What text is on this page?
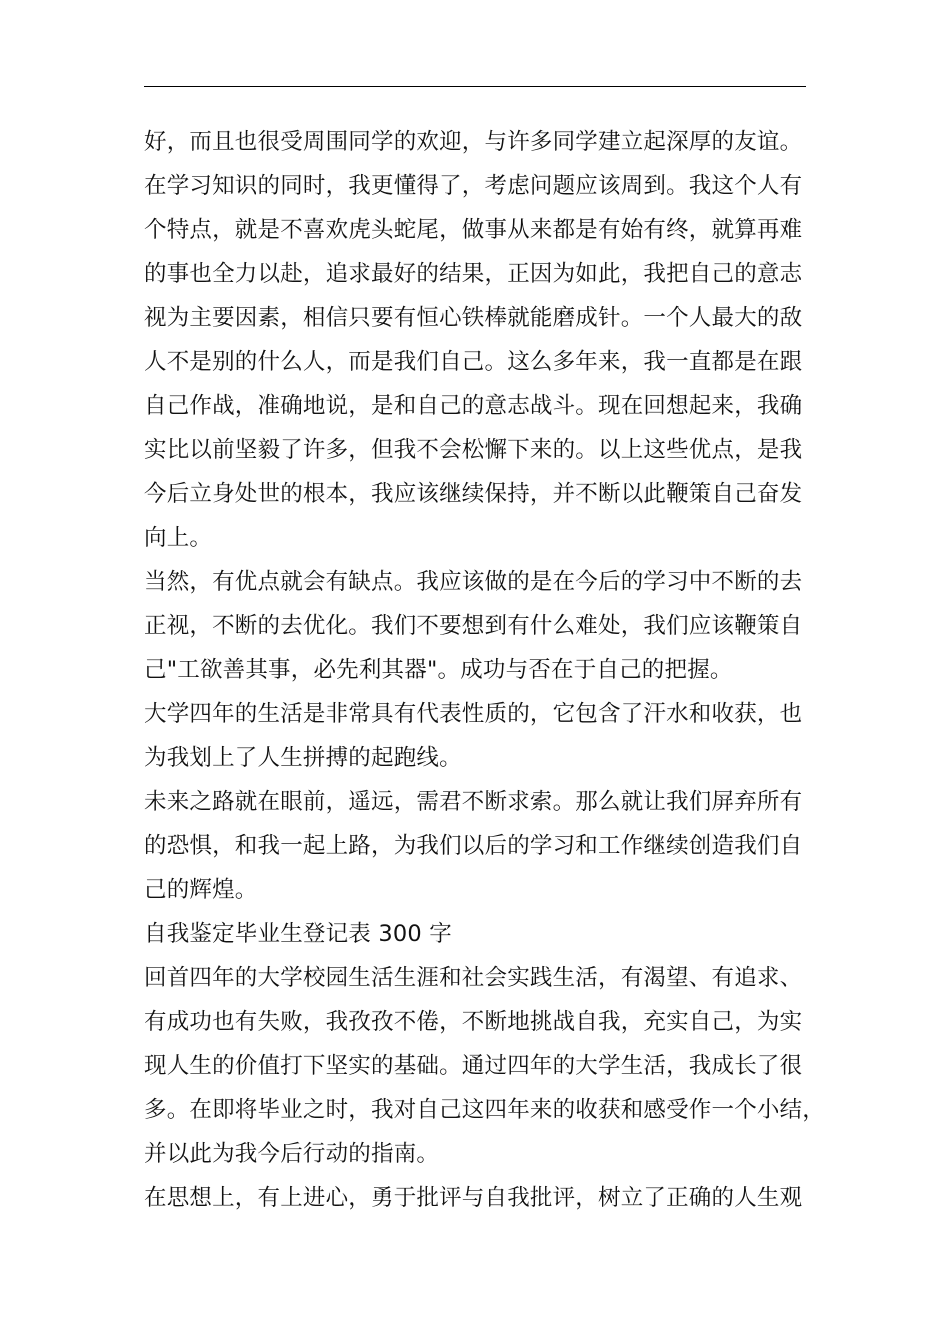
好，而且也很受周围同学的欢迎，与许多同学建立起深厚的友谊。
在学习知识的同时，我更懂得了，考虑问题应该周到。我这个人有
个特点，就是不喜欢虎头蛇尾，做事从来都是有始有终，就算再难
的事也全力以赴，追求最好的结果，正因为如此，我把自己的意志
视为主要因素，相信只要有恒心铁棒就能磨成针。一个人最大的敌
人不是别的什么人，而是我们自己。这么多年来，我一直都是在跟
自己作战，准确地说，是和自己的意志战斗。现在回想起来，我确
实比以前坚毅了许多，但我不会松懈下来的。以上这些优点，是我
今后立身处世的根本，我应该继续保持，并不断以此鞭策自己奋发
向上。
当然，有优点就会有缺点。我应该做的是在今后的学习中不断的去
正视，不断的去优化。我们不要想到有什么难处，我们应该鞭策自
己"工欲善其事，必先利其器"。成功与否在于自己的把握。
大学四年的生活是非常具有代表性质的，它包含了汗水和收获，也
为我划上了人生拼搏的起跑线。
未来之路就在眼前，遥远，需君不断求索。那么就让我们屏弃所有
的恐惧，和我一起上路，为我们以后的学习和工作继续创造我们自
己的辉煌。
自我鉴定毕业生登记表 300 字
回首四年的大学校园生活生涯和社会实践生活，有渴望、有追求、
有成功也有失败，我孜孜不倦，不断地挑战自我，充实自己，为实
现人生的价值打下坚实的基础。通过四年的大学生活，我成长了很
多。在即将毕业之时，我对自己这四年来的收获和感受作一个小结，
并以此为我今后行动的指南。
在思想上，有上进心，勇于批评与自我批评，树立了正确的人生观
